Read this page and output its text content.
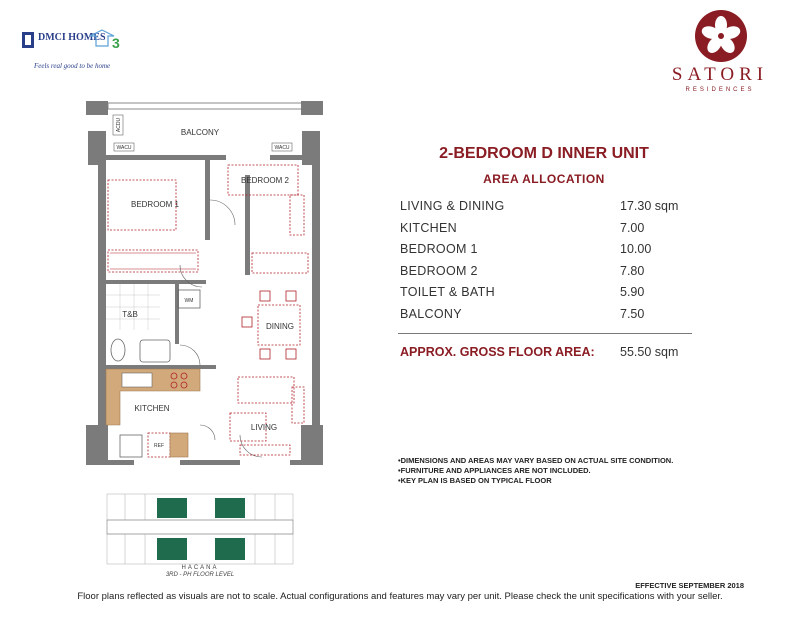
DMCI HOMES 3
Feels real good to be home	SATORI
RESIDENCES
BALCONY
WACU	WACU
ACDU
BEDROOM 1
BEDROOM 2
T&B
WM
DINING
KITCHEN
REF
LIVING
HACANA
3RD - PH FLOOR LEVEL
2-BEDROOM D INNER UNIT
AREA ALLOCATION
LIVING & DINING	17.30 sqm
KITCHEN	7.00
BEDROOM 1	10.00
BEDROOM 2	7.80
TOILET & BATH	5.90
BALCONY	7.50
APPROX. GROSS FLOOR AREA: 55.50 sqm
• DIMENSIONS AND AREAS MAY VARY BASED ON ACTUAL SITE CONDITION.
• FURNITURE AND APPLIANCES ARE NOT INCLUDED.
• KEY PLAN IS BASED ON TYPICAL FLOOR
EFFECTIVE SEPTEMBER 2018
Floor plans reflected as visuals are not to scale. Actual configurations and features may vary per unit. Please check the unit specifications with your seller.
